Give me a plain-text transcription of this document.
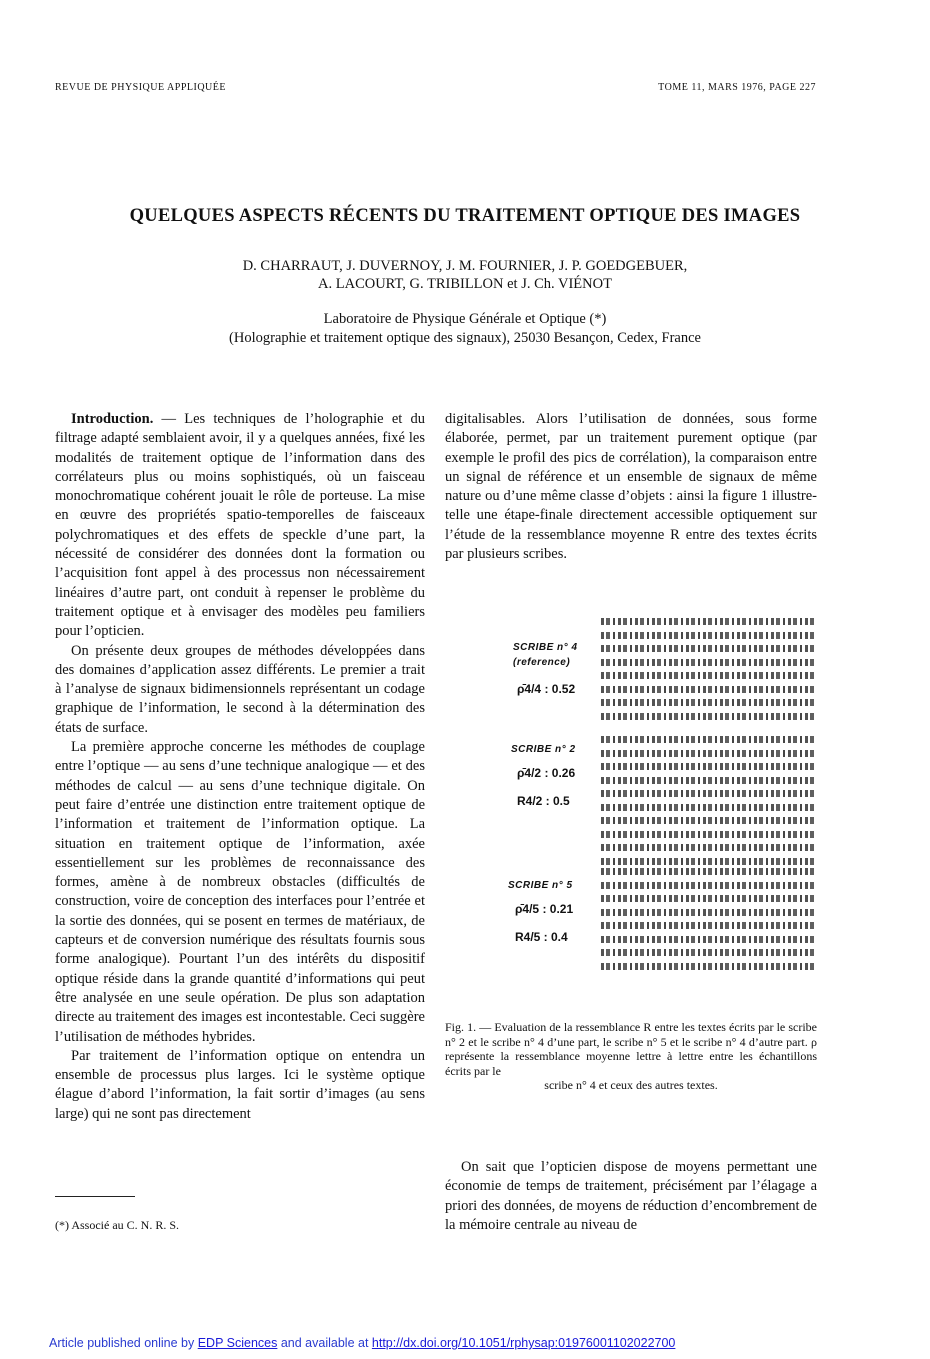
REVUE DE PHYSIQUE APPLIQUÉE	TOME 11, MARS 1976, PAGE 227
QUELQUES ASPECTS RÉCENTS DU TRAITEMENT OPTIQUE DES IMAGES
D. CHARRAUT, J. DUVERNOY, J. M. FOURNIER, J. P. GOEDGEBUER,
A. LACOURT, G. TRIBILLON et J. Ch. VIÉNOT
Laboratoire de Physique Générale et Optique (*)
(Holographie et traitement optique des signaux), 25030 Besançon, Cedex, France

Introduction. — Les techniques de l’holographie et du filtrage adapté semblaient avoir, il y a quelques années, fixé les modalités de traitement optique de l’information dans des corrélateurs plus ou moins sophistiqués, où un faisceau monochromatique cohérent jouait le rôle de porteuse. La mise en œuvre des propriétés spatio-temporelles de faisceaux polychromatiques et des effets de speckle d’une part, la nécessité de considérer des données dont la formation ou l’acquisition font appel à des processus non nécessairement linéaires d’autre part, ont conduit à repenser le problème du traitement optique et à envisager des modèles peu familiers pour l’opticien.

On présente deux groupes de méthodes développées dans des domaines d’application assez différents. Le premier a trait à l’analyse de signaux bidimensionnels représentant un codage graphique de l’information, le second à la détermination des états de surface.

La première approche concerne les méthodes de couplage entre l’optique — au sens d’une technique analogique — et des méthodes de calcul — au sens d’une technique digitale. On peut faire d’entrée une distinction entre traitement optique de l’information et traitement de l’information optique. La situation en traitement optique de l’information, axée essentiellement sur les problèmes de reconnaissance des formes, amène à de nombreux obstacles (difficultés de construction, voire de conception des interfaces pour l’entrée et la sortie des données, qui se posent en termes de matériaux, de capteurs et de conversion numérique des résultats fournis sous forme analogique). Pourtant l’un des intérêts du dispositif optique réside dans la grande quantité d’informations qui peut être analysée en une seule opération. De plus son adaptation directe au traitement des images est incontestable. Ceci suggère l’utilisation de méthodes hybrides.

Par traitement de l’information optique on entendra un ensemble de processus plus larges. Ici le système optique élague d’abord l’information, la fait sortir d’images (au sens large) qui ne sont pas directement

digitalisables. Alors l’utilisation de données, sous forme élaborée, permet, par un traitement purement optique (par exemple le profil des pics de corrélation), la comparaison entre un signal de référence et un ensemble de signaux de même nature ou d’une même classe d’objets : ainsi la figure 1 illustre-telle une étape-finale directement accessible optiquement sur l’étude de la ressemblance moyenne R entre des textes écrits par plusieurs scribes.

SCRIBE n° 4
(reference)
ρ̄4/4 : 0.52
SCRIBE n° 2
ρ̄4/2 : 0.26
R4/2 : 0.5
SCRIBE n° 5
ρ̄4/5 : 0.21
R4/5 : 0.4
Fig. 1. — Evaluation de la ressemblance R entre les textes écrits par le scribe n° 2 et le scribe n° 4 d’une part, le scribe n° 5 et le scribe n° 4 d’autre part. ρ représente la ressemblance moyenne lettre à lettre entre les échantillons écrits par le
scribe n° 4 et ceux des autres textes.

On sait que l’opticien dispose de moyens permettant une économie de temps de traitement, précisément par l’élagage a priori des données, de moyens de réduction d’encombrement de la mémoire centrale au niveau de

(*) Associé au C. N. R. S.
Article published online by EDP Sciences and available at http://dx.doi.org/10.1051/rphysap:01976001102022700
